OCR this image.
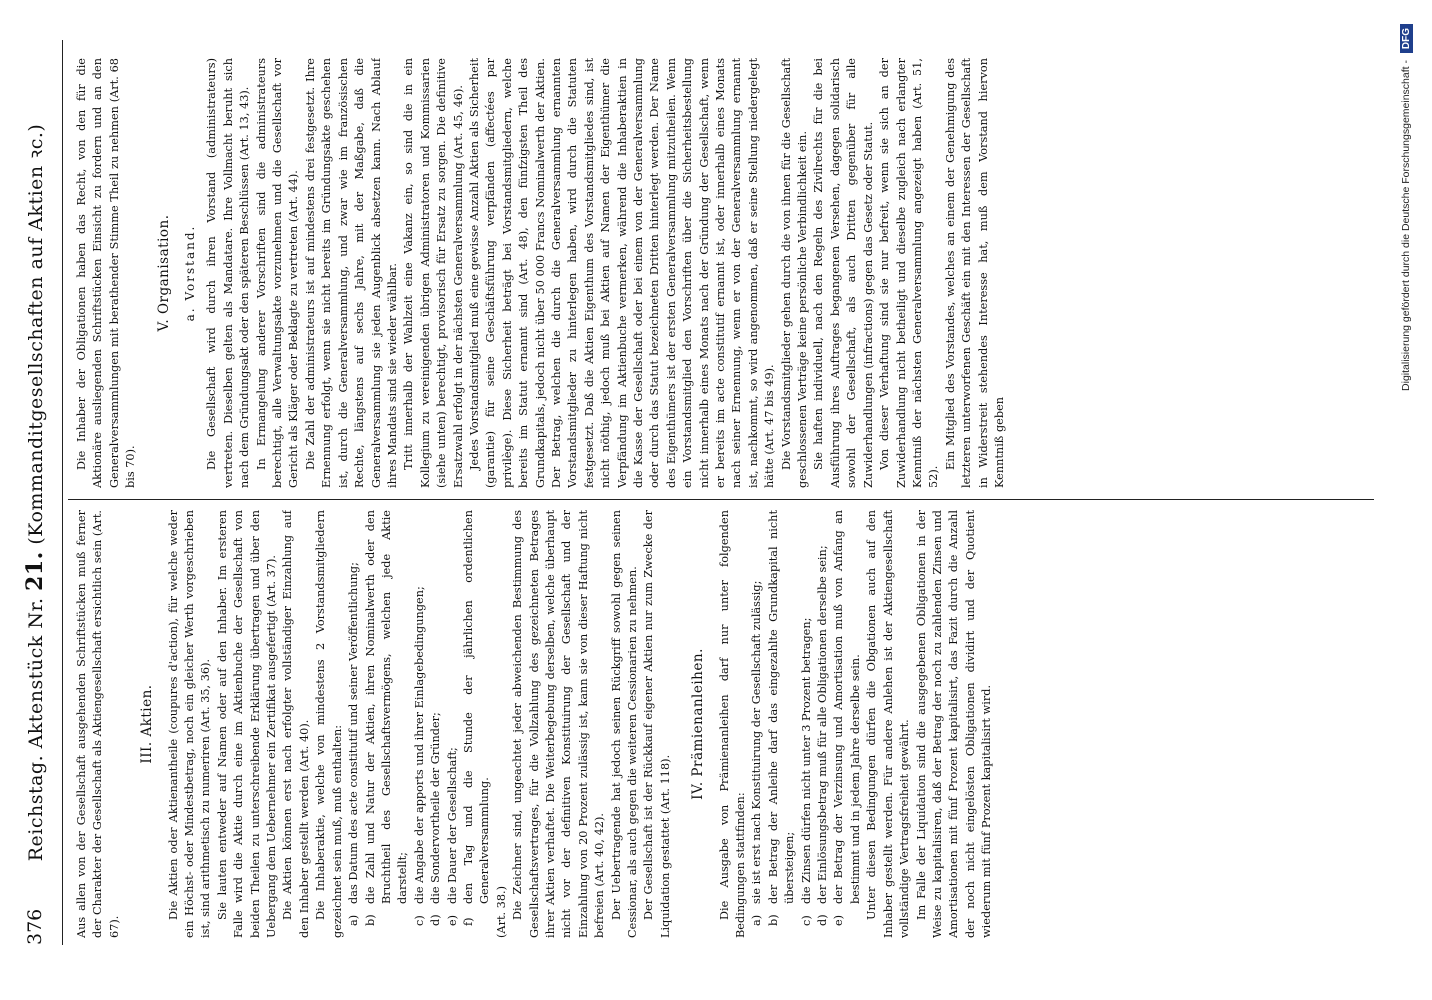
376
Reichstag. Aktenstück Nr. 21. (Kommanditgesellschaften auf Aktien ꝛc.)

Aus allen von der Gesellschaft ausgehenden Schriftstücken muß ferner der Charakter der Gesellschaft als Aktiengesellschaft ersichtlich sein (Art. 67).

III. Aktien. Die Aktien oder Aktienantheile (coupures d'action), für welche weder ein Höchst- oder Mindestbetrag, noch ein gleicher Werth vorgeschrieben ist, sind arithmetisch zu numeriren (Art. 35, 36). Sie lauten entweder auf Namen oder auf den Inhaber. Im ersteren Falle wird die Aktie durch eine im Aktienbuche der Gesellschaft von beiden Theilen zu unterschreibende Erklärung übertragen und über den Uebergang dem Uebernehmer ein Zertifikat ausgefertigt (Art. 37). Die Aktien können erst nach erfolgter vollständiger Einzahlung auf den Inhaber gestellt werden (Art. 40). Die Inhaberaktie, welche von mindestens 2 Vorstandsmitgliedern gezeichnet sein muß, muß enthalten: a)
das Datum des acte constitutif und seiner Veröffentlichung;

b)
die Zahl und Natur der Aktien, ihren Nominalwerth oder den Bruchtheil des Gesellschaftsvermögens, welchen jede Aktie darstellt;

c)
die Angabe der apports und ihrer Einlagebedingungen;

d)
die Sondervortheile der Gründer;

e)
die Dauer der Gesellschaft;

f)
den Tag und die Stunde der jährlichen ordentlichen Generalversammlung.

(Art. 38.) Die Zeichner sind, ungeachtet jeder abweichenden Bestimmung des Gesellschaftsvertrages, für die Vollzahlung des gezeichneten Betrages ihrer Aktien verhaftet. Die Weiterbegebung derselben, welche überhaupt nicht vor der definitiven Konstituirung der Gesellschaft und der Einzahlung von 20 Prozent zulässig ist, kann sie von dieser Haftung nicht befreien (Art. 40, 42). Der Uebertragende hat jedoch seinen Rückgriff sowohl gegen seinen Cessionar, als auch gegen die weiteren Cessionarien zu nehmen. Der Gesellschaft ist der Rückkauf eigener Aktien nur zum Zwecke der Liquidation gestattet (Art. 118).

IV. Prämienanleihen. Die Ausgabe von Prämienanleihen darf nur unter folgenden Bedingungen stattfinden: a)
sie ist erst nach Konstituirung der Gesellschaft zulässig;

b)
der Betrag der Anleihe darf das eingezahlte Grundkapital nicht übersteigen;

c)
die Zinsen dürfen nicht unter 3 Prozent betragen;

d)
der Einlösungsbetrag muß für alle Obligationen derselbe sein;

e)
der Betrag der Verzinsung und Amortisation muß von Anfang an bestimmt und in jedem Jahre derselbe sein. Unter diesen Bedingungen dürfen die Obgationen auch auf den Inhaber gestellt werden. Für andere Anlehen ist der Aktiengesellschaft vollständige Vertragsfreiheit gewährt. Im Falle der Liquidation sind die ausgegebenen Obligationen in der Weise zu kapitalisiren, daß der Betrag der noch zu zahlenden Zinsen und Amortisationen mit fünf Prozent kapitalisirt, das Fazit durch die Anzahl der noch nicht eingelösten Obligationen dividirt und der Quotient wiederum mit fünf Prozent kapitalisirt wird.

Die Inhaber der Obligationen haben das Recht, von den für die Aktionäre ausliegenden Schriftstücken Einsicht zu fordern und an den Generalversammlungen mit berathender Stimme Theil zu nehmen (Art. 68 bis 70).

V. Organisation. a. Vorstand. Die Gesellschaft wird durch ihren Vorstand (administrateurs) vertreten. Dieselben gelten als Mandatare. Ihre Vollmacht beruht sich nach dem Gründungsakt oder den späteren Beschlüssen (Art. 13, 43). In Ermangelung anderer Vorschriften sind die administrateurs berechtigt, alle Verwaltungsakte vorzunehmen und die Gesellschaft vor Gericht als Kläger oder Beklagte zu vertreten (Art. 44). Die Zahl der administrateurs ist auf mindestens drei festgesetzt. Ihre Ernennung erfolgt, wenn sie nicht bereits im Gründungsakte geschehen ist, durch die Generalversammlung, und zwar wie im französischen Rechte, längstens auf sechs Jahre, mit der Maßgabe, daß die Generalversammlung sie jeden Augenblick absetzen kann. Nach Ablauf ihres Mandats sind sie wieder wählbar. Tritt innerhalb der Wahlzeit eine Vakanz ein, so sind die in ein Kollegium zu vereinigenden übrigen Administratoren und Kommissarien (siehe unten) berechtigt, provisorisch für Ersatz zu sorgen. Die definitive Ersatzwahl erfolgt in der nächsten Generalversammlung (Art. 45, 46). Jedes Vorstandsmitglied muß eine gewisse Anzahl Aktien als Sicherheit (garantie) für seine Geschäftsführung verpfänden (affectées par privilège). Diese Sicherheit beträgt bei Vorstandsmitgliedern, welche bereits im Statut ernannt sind (Art. 48), den fünfzigsten Theil des Grundkapitals, jedoch nicht über 50 000 Francs Nominalwerth der Aktien. Der Betrag, welchen die durch die Generalversammlung ernannten Vorstandsmitglieder zu hinterlegen haben, wird durch die Statuten festgesetzt. Daß die Aktien Eigenthum des Vorstandsmitgliedes sind, ist nicht nöthig, jedoch muß bei Aktien auf Namen der Eigenthümer die Verpfändung im Aktienbuche vermerken, während die Inhaberaktien in die Kasse der Gesellschaft oder bei einem von der Generalversammlung oder durch das Statut bezeichneten Dritten hinterlegt werden. Der Name des Eigenthümers ist der ersten Generalversammlung mitzutheilen. Wenn ein Vorstandsmitglied den Vorschriften über die Sicherheitsbestellung nicht innerhalb eines Monats nach der Gründung der Gesellschaft, wenn er bereits im acte constitutif ernannt ist, oder innerhalb eines Monats nach seiner Ernennung, wenn er von der Generalversammlung ernannt ist, nachkommt, so wird angenommen, daß er seine Stellung niedergelegt hätte (Art. 47 bis 49). Die Vorstandsmitglieder gehen durch die von ihnen für die Gesellschaft geschlossenen Verträge keine persönliche Verbindlichkeit ein. Sie haften individuell, nach den Regeln des Zivilrechts für die bei Ausführung ihres Auftrages begangenen Versehen, dagegen solidarisch sowohl der Gesellschaft, als auch Dritten gegenüber für alle Zuwiderhandlungen (infractions) gegen das Gesetz oder Statut. Von dieser Verhaftung sind sie nur befreit, wenn sie sich an der Zuwiderhandlung nicht betheiligt und dieselbe zugleich nach erlangter Kenntniß der nächsten Generalversammlung angezeigt haben (Art. 51, 52).

Ein Mitglied des Vorstandes, welches an einem der Genehmigung des letzteren unterworfenen Geschäft ein mit den Interessen der Gesellschaft in Widerstreit stehendes Interesse hat, muß dem Vorstand hiervon Kenntniß geben

Digitalisierung gefördert durch die Deutsche Forschungsgemeinschaft - DFG
